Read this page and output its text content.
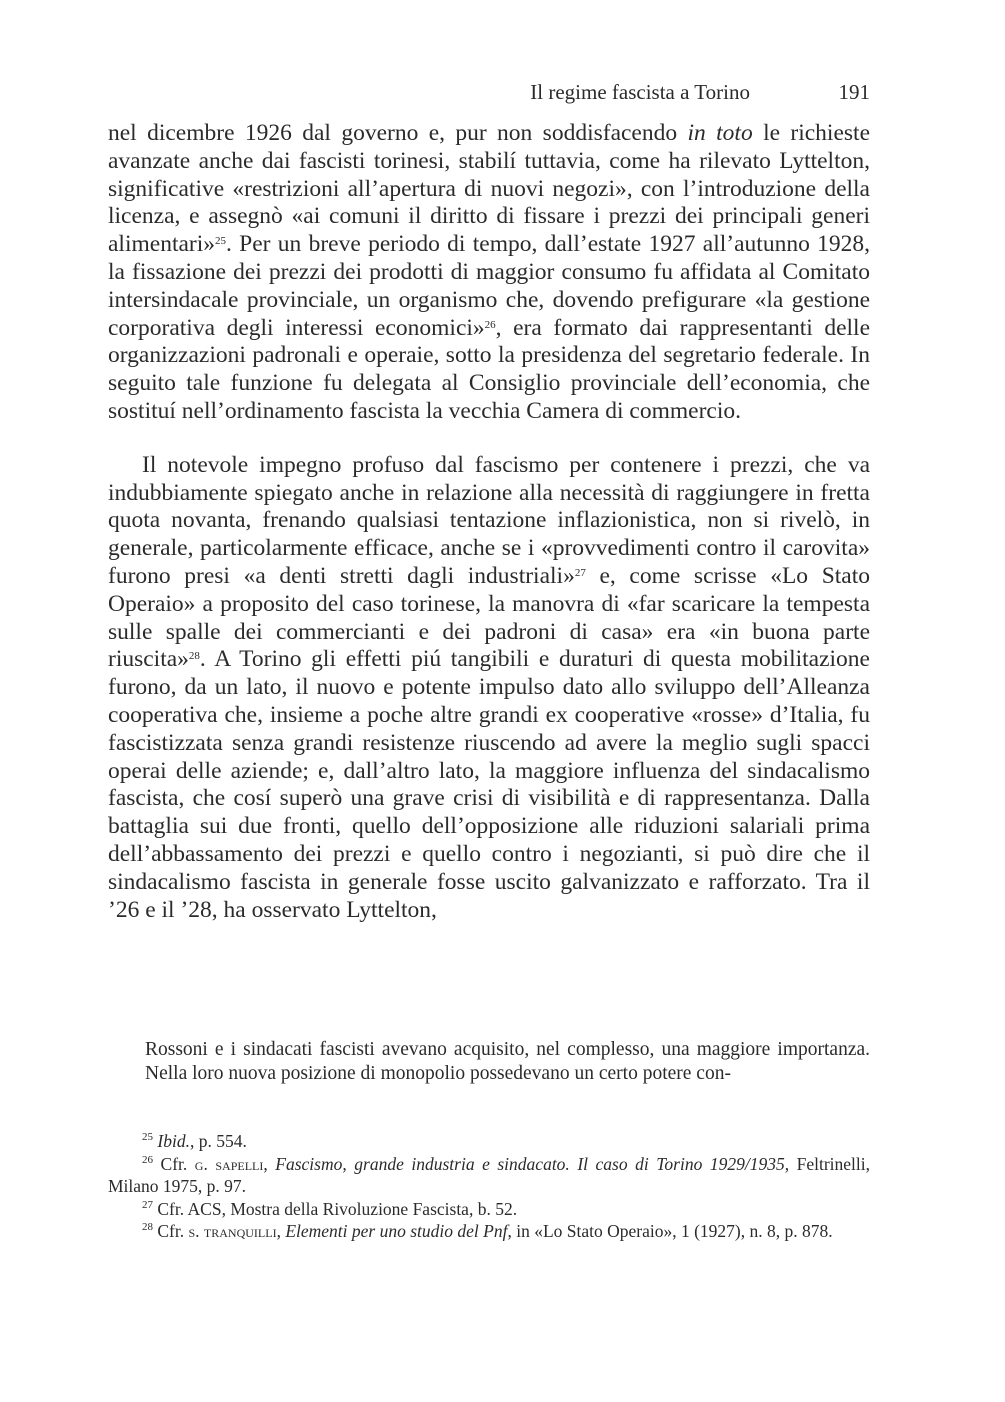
Il regime fascista a Torino	191

nel dicembre 1926 dal governo e, pur non soddisfacendo in toto le richieste avanzate anche dai fascisti torinesi, stabilí tuttavia, come ha rilevato Lyttelton, significative «restrizioni all’apertura di nuovi negozi», con l’introduzione della licenza, e assegnò «ai comuni il diritto di fissare i prezzi dei principali generi alimentari»$^{25}$. Per un breve periodo di tempo, dall’estate 1927 all’autunno 1928, la fissazione dei prezzi dei prodotti di maggior consumo fu affidata al Comitato intersindacale provinciale, un organismo che, dovendo prefigurare «la gestione corporativa degli interessi economici»$^{26}$, era formato dai rappresentanti delle organizzazioni padronali e operaie, sotto la presidenza del segretario federale. In seguito tale funzione fu delegata al Consiglio provinciale dell’economia, che sostituí nell’ordinamento fascista la vecchia Camera di commercio.

Il notevole impegno profuso dal fascismo per contenere i prezzi, che va indubbiamente spiegato anche in relazione alla necessità di raggiungere in fretta quota novanta, frenando qualsiasi tentazione inflazionistica, non si rivelò, in generale, particolarmente efficace, anche se i «provvedimenti contro il carovita» furono presi «a denti stretti dagli industriali»$^{27}$ e, come scrisse «Lo Stato Operaio» a proposito del caso torinese, la manovra di «far scaricare la tempesta sulle spalle dei commercianti e dei padroni di casa» era «in buona parte riuscita»$^{28}$. A Torino gli effetti piú tangibili e duraturi di questa mobilitazione furono, da un lato, il nuovo e potente impulso dato allo sviluppo dell’Alleanza cooperativa che, insieme a poche altre grandi ex cooperative «rosse» d’Italia, fu fascistizzata senza grandi resistenze riuscendo ad avere la meglio sugli spacci operai delle aziende; e, dall’altro lato, la maggiore influenza del sindacalismo fascista, che cosí superò una grave crisi di visibilità e di rappresentanza. Dalla battaglia sui due fronti, quello dell’opposizione alle riduzioni salariali prima dell’abbassamento dei prezzi e quello contro i negozianti, si può dire che il sindacalismo fascista in generale fosse uscito galvanizzato e rafforzato. Tra il ’26 e il ’28, ha osservato Lyttelton,

Rossoni e i sindacati fascisti avevano acquisito, nel complesso, una maggiore importanza. Nella loro nuova posizione di monopolio possedevano un certo potere con-

$^{25}$ Ibid., p. 554.

$^{26}$ Cfr. g. sapelli, Fascismo, grande industria e sindacato. Il caso di Torino 1929/1935, Feltrinelli, Milano 1975, p. 97.

$^{27}$ Cfr. ACS, Mostra della Rivoluzione Fascista, b. 52.

$^{28}$ Cfr. s. tranquilli, Elementi per uno studio del Pnf, in «Lo Stato Operaio», 1 (1927), n. 8, p. 878.
